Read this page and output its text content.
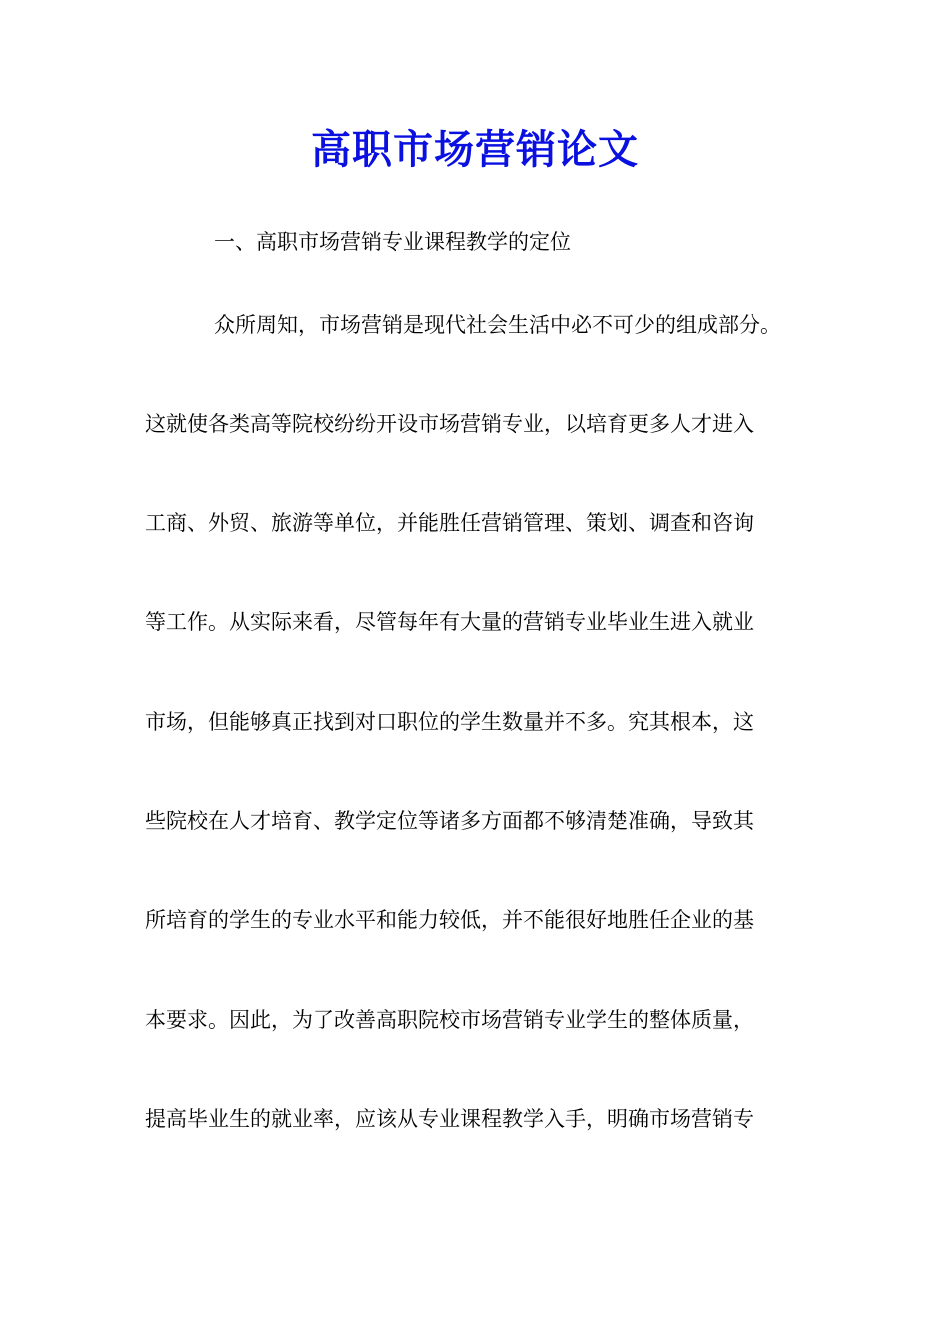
高职市场营销论文

一、高职市场营销专业课程教学的定位

众所周知，市场营销是现代社会生活中必不可少的组成部分。

这就使各类高等院校纷纷开设市场营销专业，以培育更多人才进入

工商、外贸、旅游等单位，并能胜任营销管理、策划、调查和咨询

等工作。从实际来看，尽管每年有大量的营销专业毕业生进入就业

市场，但能够真正找到对口职位的学生数量并不多。究其根本，这

些院校在人才培育、教学定位等诸多方面都不够清楚准确，导致其

所培育的学生的专业水平和能力较低，并不能很好地胜任企业的基

本要求。因此，为了改善高职院校市场营销专业学生的整体质量，

提高毕业生的就业率，应该从专业课程教学入手，明确市场营销专
